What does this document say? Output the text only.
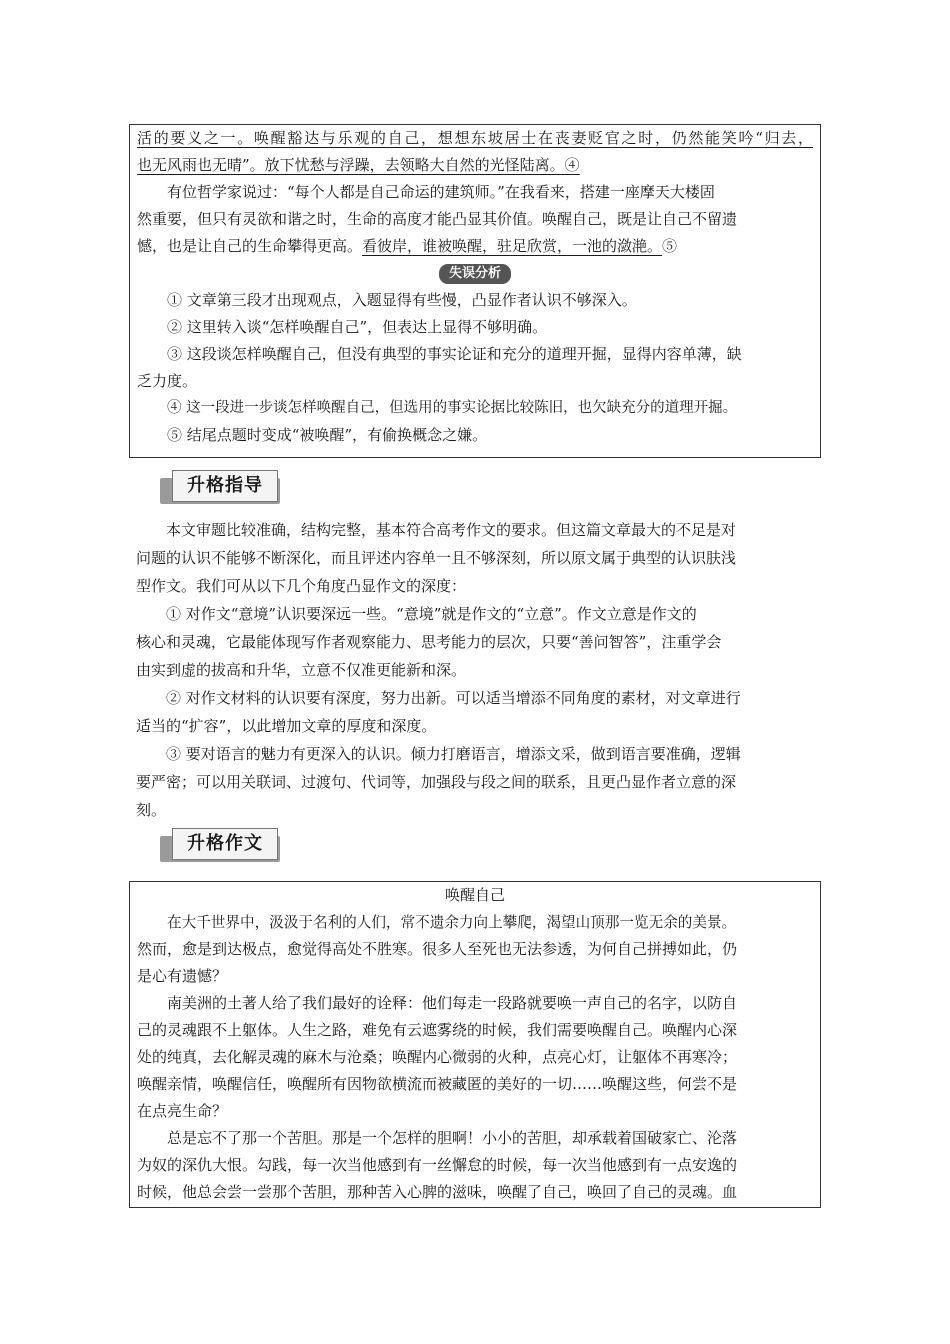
活的要义之一。唤醒豁达与乐观的自己，想想东坡居士在丧妻贬官之时，仍然能笑吟“归去，
也无风雨也无晴”。放下忧愁与浮躁，去领略大自然的光怪陆离。④
有位哲学家说过：“每个人都是自己命运的建筑师。”在我看来，搭建一座摩天大楼固
然重要，但只有灵欲和谐之时，生命的高度才能凸显其价值。唤醒自己，既是让自己不留遗
憾，也是让自己的生命攀得更高。看彼岸，谁被唤醒，驻足欣赏，一池的潋滟。⑤
失误分析
① 文章第三段才出现观点，入题显得有些慢，凸显作者认识不够深入。
② 这里转入谈“怎样唤醒自己”，但表达上显得不够明确。
③ 这段谈怎样唤醒自己，但没有典型的事实论证和充分的道理开掘，显得内容单薄，缺
乏力度。
④ 这一段进一步谈怎样唤醒自己，但选用的事实论据比较陈旧，也欠缺充分的道理开掘。
⑤ 结尾点题时变成“被唤醒”，有偷换概念之嫌。
升格指导
本文审题比较准确，结构完整，基本符合高考作文的要求。但这篇文章最大的不足是对
问题的认识不能够不断深化，而且评述内容单一且不够深刻，所以原文属于典型的认识肤浅
型作文。我们可从以下几个角度凸显作文的深度：
① 对作文“意境”认识要深远一些。“意境”就是作文的“立意”。作文立意是作文的
核心和灵魂，它最能体现写作者观察能力、思考能力的层次，只要“善问智答”，注重学会
由实到虚的拔高和升华，立意不仅准更能新和深。
② 对作文材料的认识要有深度，努力出新。可以适当增添不同角度的素材，对文章进行
适当的“扩容”，以此增加文章的厚度和深度。
③ 要对语言的魅力有更深入的认识。倾力打磨语言，增添文采，做到语言要准确，逻辑
要严密；可以用关联词、过渡句、代词等，加强段与段之间的联系，且更凸显作者立意的深
刻。
升格作文
唤醒自己
在大千世界中，汲汲于名利的人们，常不遗余力向上攀爬，渴望山顶那一览无余的美景。
然而，愈是到达极点，愈觉得高处不胜寒。很多人至死也无法参透，为何自己拼搏如此，仍
是心有遗憾？
南美洲的土著人给了我们最好的诠释：他们每走一段路就要唤一声自己的名字，以防自
己的灵魂跟不上躯体。人生之路，难免有云遮雾绕的时候，我们需要唤醒自己。唤醒内心深
处的纯真，去化解灵魂的麻木与沧桑；唤醒内心微弱的火种，点亮心灯，让躯体不再寒冷；
唤醒亲情，唤醒信任，唤醒所有因物欲横流而被藏匿的美好的一切……唤醒这些，何尝不是
在点亮生命？
总是忘不了那一个苦胆。那是一个怎样的胆啊！小小的苦胆，却承载着国破家亡、沦落
为奴的深仇大恨。勾践，每一次当他感到有一丝懈怠的时候，每一次当他感到有一点安逸的
时候，他总会尝一尝那个苦胆，那种苦入心脾的滋味，唤醒了自己，唤回了自己的灵魂。血
